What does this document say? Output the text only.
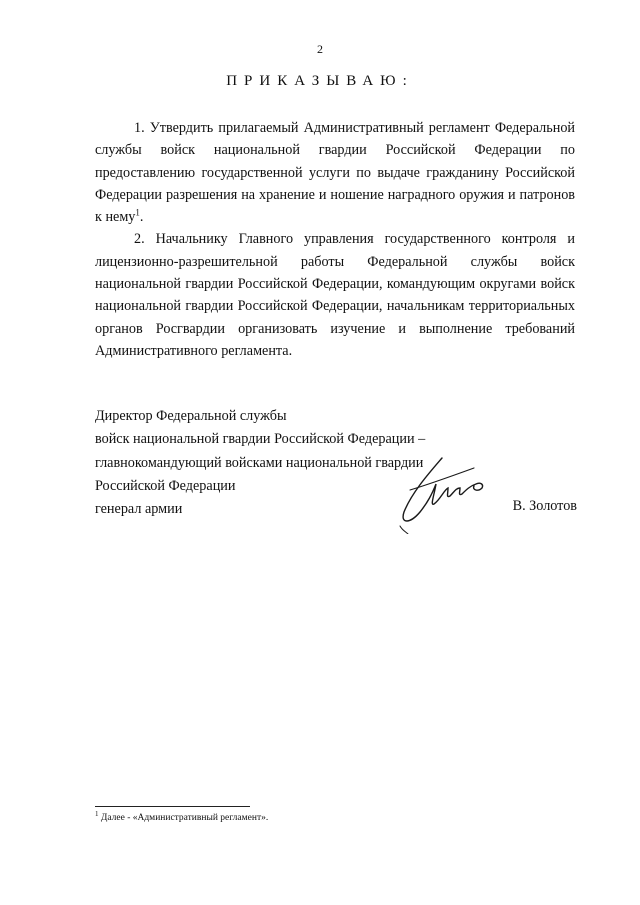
2
ПРИКАЗЫВАЮ:

1. Утвердить прилагаемый Административный регламент Федеральной службы войск национальной гвардии Российской Федерации по предоставлению государственной услуги по выдаче гражданину Российской Федерации разрешения на хранение и ношение наградного оружия и патронов к нему$^1$.

2. Начальнику Главного управления государственного контроля и лицензионно-разрешительной работы Федеральной службы войск национальной гвардии Российской Федерации, командующим округами войск национальной гвардии Российской Федерации, начальникам территориальных органов Росгвардии организовать изучение и выполнение требований Административного регламента.

Директор Федеральной службы
войск национальной гвардии Российской Федерации –
главнокомандующий войсками национальной гвардии
Российской Федерации
генерал армии	В. Золотов
$^1$ Далее - «Административный регламент».
